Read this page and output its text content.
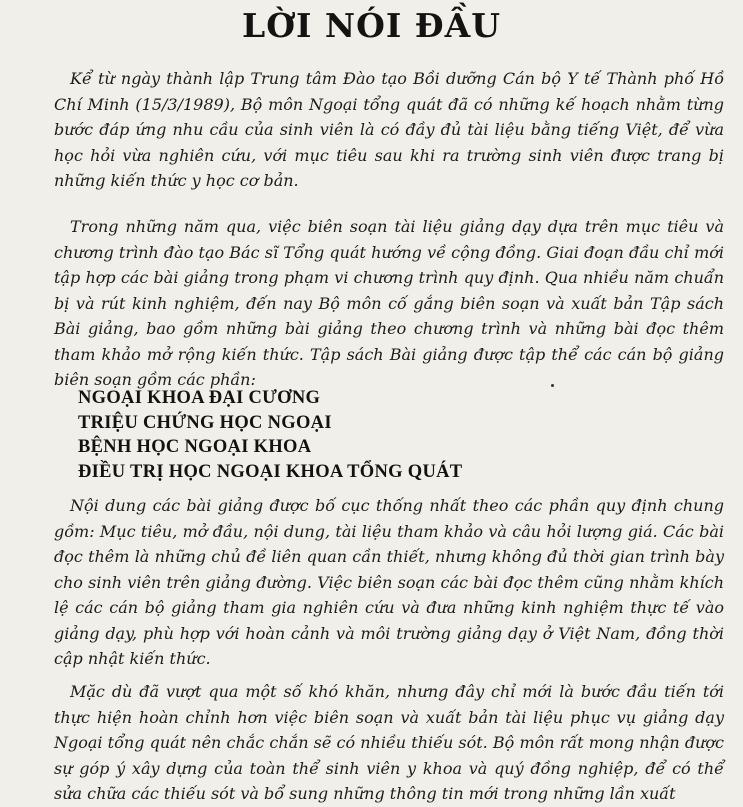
LỜI NÓI ĐẦU

Kể từ ngày thành lập Trung tâm Đào tạo Bồi dưỡng Cán bộ Y tế Thành phố Hồ Chí Minh (15/3/1989), Bộ môn Ngoại tổng quát đã có những kế hoạch nhằm từng bước đáp ứng nhu cầu của sinh viên là có đầy đủ tài liệu bằng tiếng Việt, để vừa học hỏi vừa nghiên cứu, với mục tiêu sau khi ra trường sinh viên được trang bị những kiến thức y học cơ bản.

Trong những năm qua, việc biên soạn tài liệu giảng dạy dựa trên mục tiêu và chương trình đào tạo Bác sĩ Tổng quát hướng về cộng đồng. Giai đoạn đầu chỉ mới tập hợp các bài giảng trong phạm vi chương trình quy định. Qua nhiều năm chuẩn bị và rút kinh nghiệm, đến nay Bộ môn cố gắng biên soạn và xuất bản Tập sách Bài giảng, bao gồm những bài giảng theo chương trình và những bài đọc thêm tham khảo mở rộng kiến thức. Tập sách Bài giảng được tập thể các cán bộ giảng biên soạn gồm các phần:

NGOẠI KHOA ĐẠI CƯƠNG
TRIỆU CHỨNG HỌC NGOẠI
BỆNH HỌC NGOẠI KHOA
ĐIỀU TRỊ HỌC NGOẠI KHOA TỔNG QUÁT

Nội dung các bài giảng được bố cục thống nhất theo các phần quy định chung gồm: Mục tiêu, mở đầu, nội dung, tài liệu tham khảo và câu hỏi lượng giá. Các bài đọc thêm là những chủ đề liên quan cần thiết, nhưng không đủ thời gian trình bày cho sinh viên trên giảng đường. Việc biên soạn các bài đọc thêm cũng nhằm khích lệ các cán bộ giảng tham gia nghiên cứu và đưa những kinh nghiệm thực tế vào giảng dạy, phù hợp với hoàn cảnh và môi trường giảng dạy ở Việt Nam, đồng thời cập nhật kiến thức.

Mặc dù đã vượt qua một số khó khăn, nhưng đây chỉ mới là bước đầu tiến tới thực hiện hoàn chỉnh hơn việc biên soạn và xuất bản tài liệu phục vụ giảng dạy Ngoại tổng quát nên chắc chắn sẽ có nhiều thiếu sót. Bộ môn rất mong nhận được sự góp ý xây dựng của toàn thể sinh viên y khoa và quý đồng nghiệp, để có thể sửa chữa các thiếu sót và bổ sung những thông tin mới trong những lần xuất
